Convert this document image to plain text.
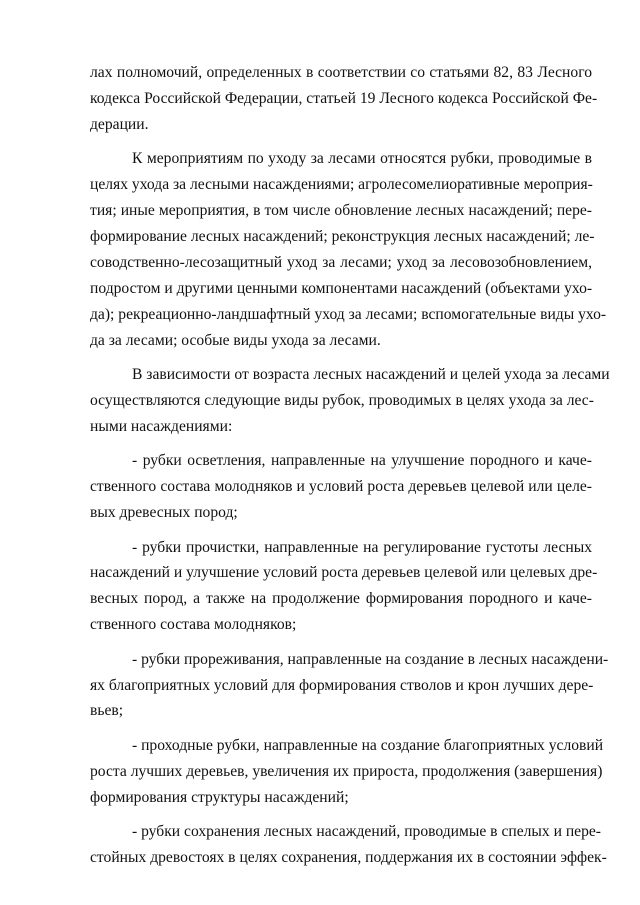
лах полномочий, определенных в соответствии со статьями 82, 83 Лесного
кодекса Российской Федерации, статьей 19 Лесного кодекса Российской Фе-
дерации.
К мероприятиям по уходу за лесами относятся рубки, проводимые в
целях ухода за лесными насаждениями; агролесомелиоративные мероприя-
тия; иные мероприятия, в том числе обновление лесных насаждений; пере-
формирование лесных насаждений; реконструкция лесных насаждений; ле-
соводственно-лесозащитный уход за лесами; уход за лесовозобновлением,
подростом и другими ценными компонентами насаждений (объектами ухо-
да); рекреационно-ландшафтный уход за лесами; вспомогательные виды ухо-
да за лесами; особые виды ухода за лесами.
В зависимости от возраста лесных насаждений и целей ухода за лесами
осуществляются следующие виды рубок, проводимых в целях ухода за лес-
ными насаждениями:
- рубки осветления, направленные на улучшение породного и каче-
ственного состава молодняков и условий роста деревьев целевой или целе-
вых древесных пород;
- рубки прочистки, направленные на регулирование густоты лесных
насаждений и улучшение условий роста деревьев целевой или целевых дре-
весных пород, а также на продолжение формирования породного и каче-
ственного состава молодняков;
- рубки прореживания, направленные на создание в лесных насаждени-
ях благоприятных условий для формирования стволов и крон лучших дере-
вьев;
- проходные рубки, направленные на создание благоприятных условий
роста лучших деревьев, увеличения их прироста, продолжения (завершения)
формирования структуры насаждений;
- рубки сохранения лесных насаждений, проводимые в спелых и пере-
стойных древостоях в целях сохранения, поддержания их в состоянии эффек-
